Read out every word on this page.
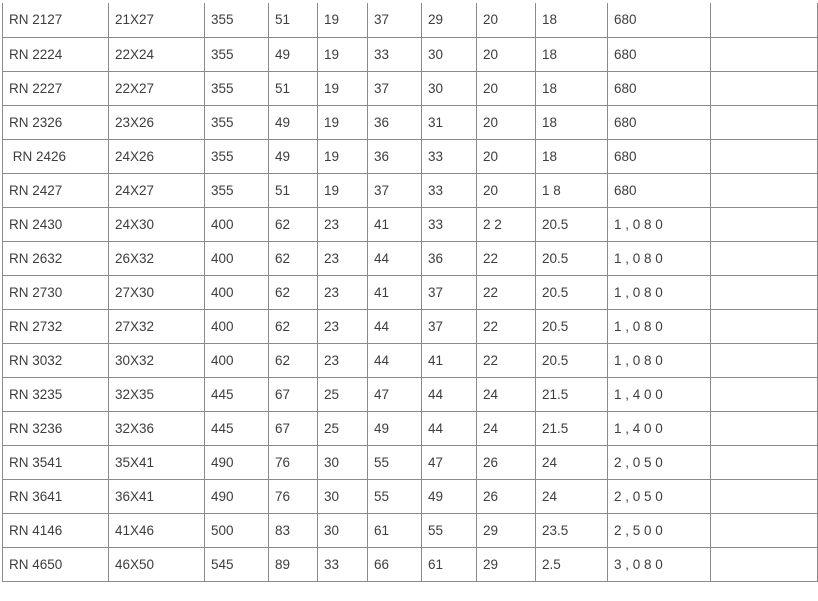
RN 2127	21X27	355	51	19	37	29	20	18	680	
RN 2224	22X24	355	49	19	33	30	20	18	680	
RN 2227	22X27	355	51	19	37	30	20	18	680	
RN 2326	23X26	355	49	19	36	31	20	18	680	
RN 2426	24X26	355	49	19	36	33	20	18	680	
RN 2427	24X27	355	51	19	37	33	20	1 8	680	
RN 2430	24X30	400	62	23	41	33	2 2	20.5	1 , 0 8 0	
RN 2632	26X32	400	62	23	44	36	22	20.5	1 , 0 8 0	
RN 2730	27X30	400	62	23	41	37	22	20.5	1 , 0 8 0	
RN 2732	27X32	400	62	23	44	37	22	20.5	1 , 0 8 0	
RN 3032	30X32	400	62	23	44	41	22	20.5	1 , 0 8 0	
RN 3235	32X35	445	67	25	47	44	24	21.5	1 , 4 0 0	
RN 3236	32X36	445	67	25	49	44	24	21.5	1 , 4 0 0	
RN 3541	35X41	490	76	30	55	47	26	24	2 , 0 5 0	
RN 3641	36X41	490	76	30	55	49	26	24	2 , 0 5 0	
RN 4146	41X46	500	83	30	61	55	29	23.5	2 , 5 0 0	
RN 4650	46X50	545	89	33	66	61	29	2.5	3 , 0 8 0	
